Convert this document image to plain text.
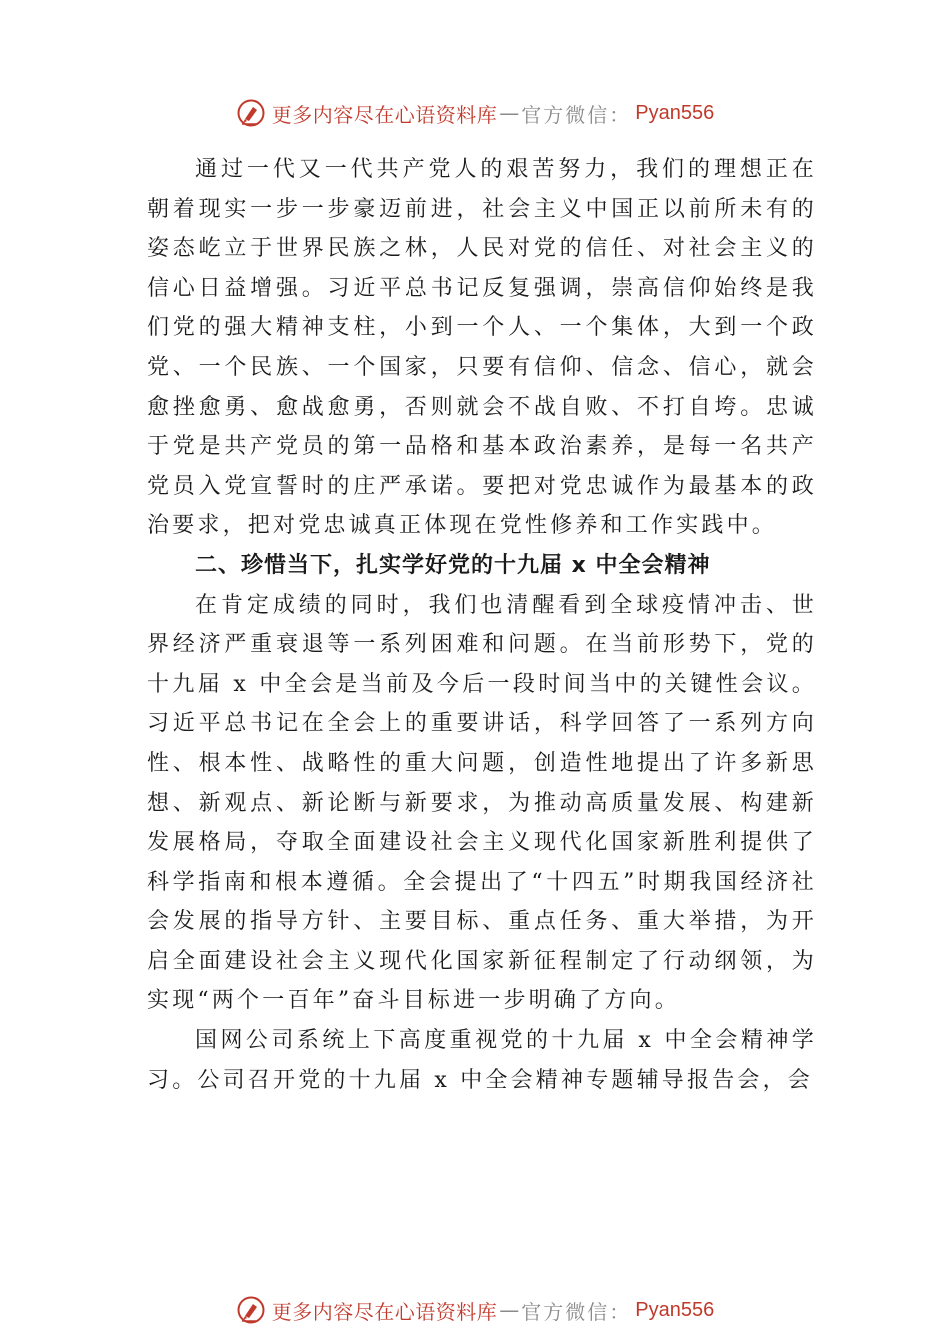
更多内容尽在心语资料库 — 官方微信： Pyan556

通过一代又一代共产党人的艰苦努力，我们的理想正在朝着现实一步一步豪迈前进，社会主义中国正以前所未有的姿态屹立于世界民族之林，人民对党的信任、对社会主义的信心日益增强。习近平总书记反复强调，崇高信仰始终是我们党的强大精神支柱，小到一个人、一个集体，大到一个政党、一个民族、一个国家，只要有信仰、信念、信心，就会愈挫愈勇、愈战愈勇，否则就会不战自败、不打自垮。忠诚于党是共产党员的第一品格和基本政治素养，是每一名共产党员入党宣誓时的庄严承诺。要把对党忠诚作为最基本的政治要求，把对党忠诚真正体现在党性修养和工作实践中。

二、珍惜当下，扎实学好党的十九届 x 中全会精神

在肯定成绩的同时，我们也清醒看到全球疫情冲击、世界经济严重衰退等一系列困难和问题。在当前形势下，党的十九届 x 中全会是当前及今后一段时间当中的关键性会议。习近平总书记在全会上的重要讲话，科学回答了一系列方向性、根本性、战略性的重大问题，创造性地提出了许多新思想、新观点、新论断与新要求，为推动高质量发展、构建新发展格局，夺取全面建设社会主义现代化国家新胜利提供了科学指南和根本遵循。全会提出了“十四五”时期我国经济社会发展的指导方针、主要目标、重点任务、重大举措，为开启全面建设社会主义现代化国家新征程制定了行动纲领，为实现“两个一百年”奋斗目标进一步明确了方向。

国网公司系统上下高度重视党的十九届 x 中全会精神学习。公司召开党的十九届 x 中全会精神专题辅导报告会，会

更多内容尽在心语资料库 — 官方微信： Pyan556
